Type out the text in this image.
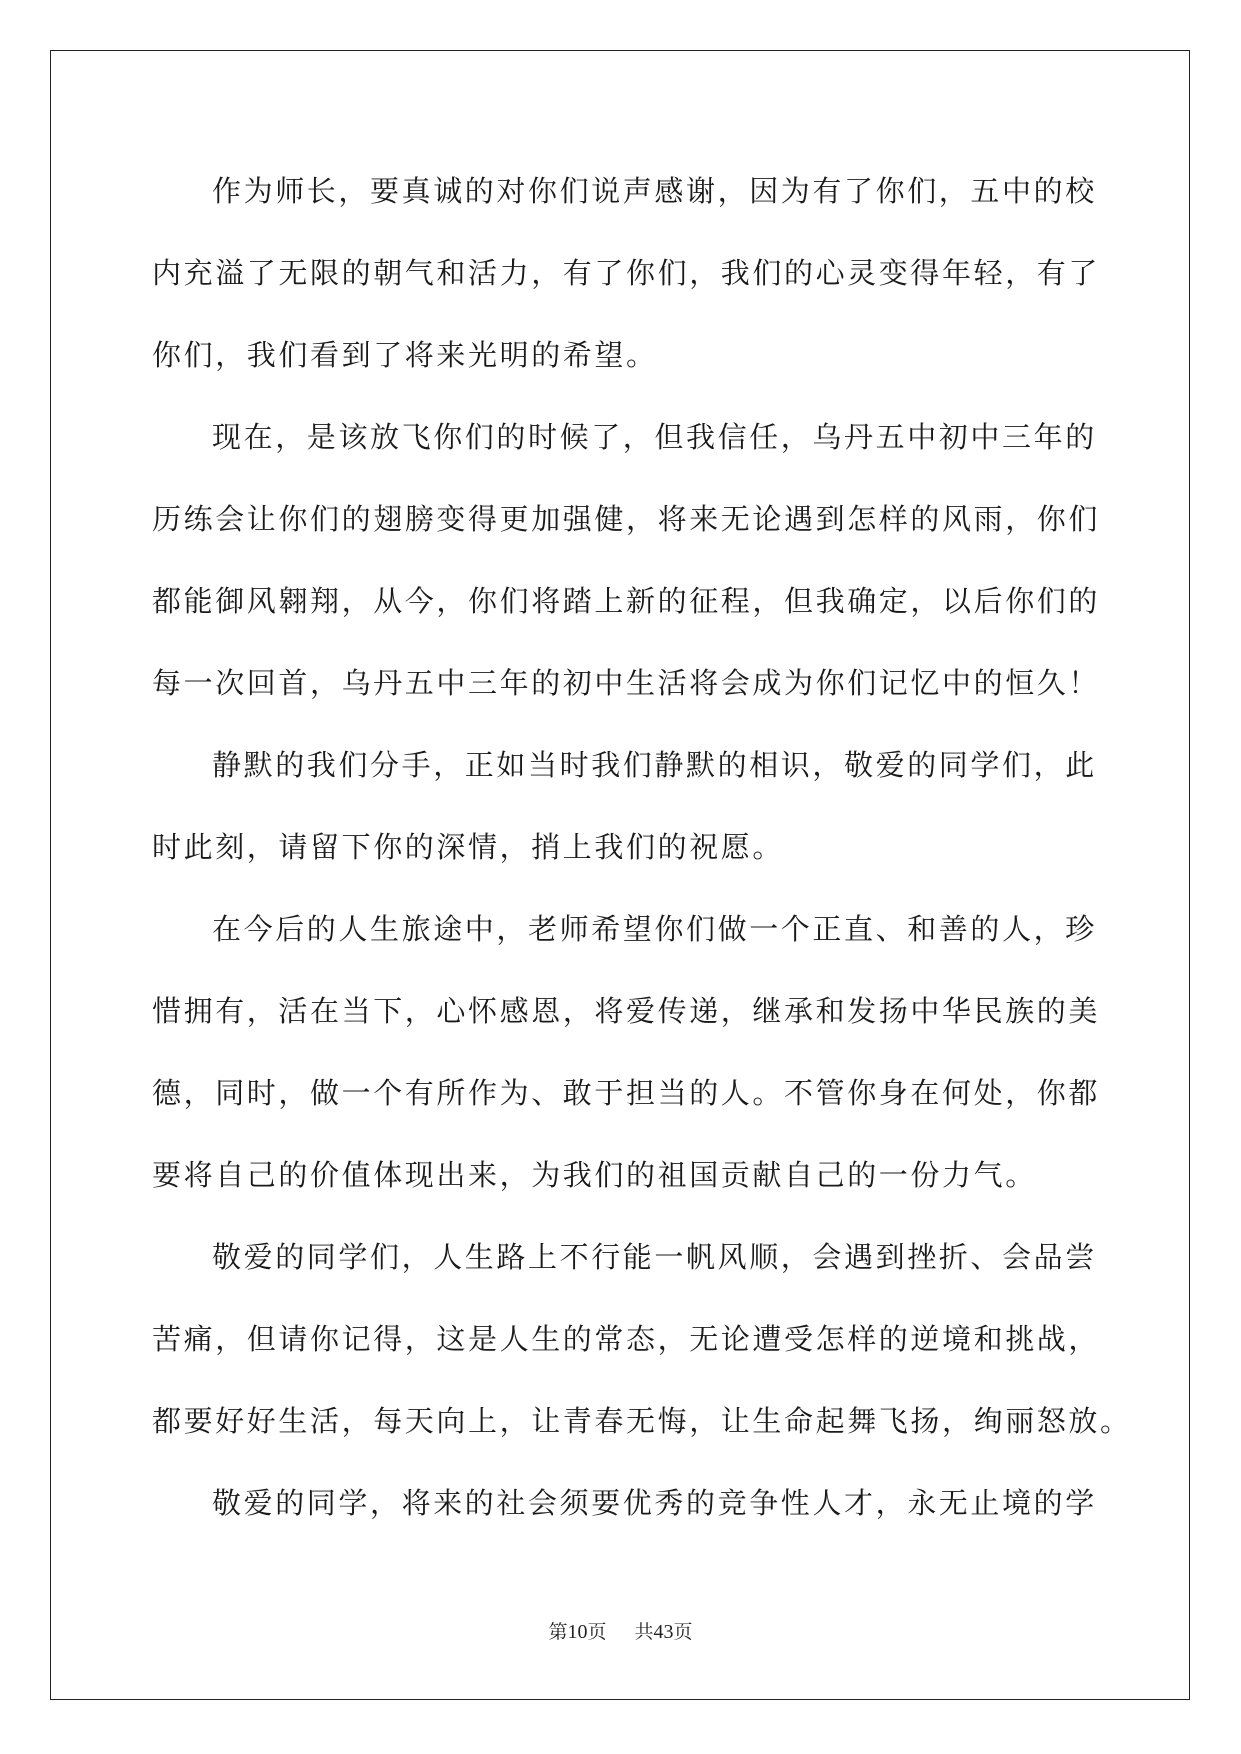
作为师长，要真诚的对你们说声感谢，因为有了你们，五中的校
内充溢了无限的朝气和活力，有了你们，我们的心灵变得年轻，有了
你们，我们看到了将来光明的希望。
现在，是该放飞你们的时候了，但我信任，乌丹五中初中三年的
历练会让你们的翅膀变得更加强健，将来无论遇到怎样的风雨，你们
都能御风翱翔，从今，你们将踏上新的征程，但我确定，以后你们的
每一次回首，乌丹五中三年的初中生活将会成为你们记忆中的恒久！
静默的我们分手，正如当时我们静默的相识，敬爱的同学们，此
时此刻，请留下你的深情，捎上我们的祝愿。
在今后的人生旅途中，老师希望你们做一个正直、和善的人，珍
惜拥有，活在当下，心怀感恩，将爱传递，继承和发扬中华民族的美
德，同时，做一个有所作为、敢于担当的人。不管你身在何处，你都
要将自己的价值体现出来，为我们的祖国贡献自己的一份力气。
敬爱的同学们，人生路上不行能一帆风顺，会遇到挫折、会品尝
苦痛，但请你记得，这是人生的常态，无论遭受怎样的逆境和挑战，
都要好好生活，每天向上，让青春无悔，让生命起舞飞扬，绚丽怒放。
敬爱的同学，将来的社会须要优秀的竞争性人才，永无止境的学
第10页 共43页
